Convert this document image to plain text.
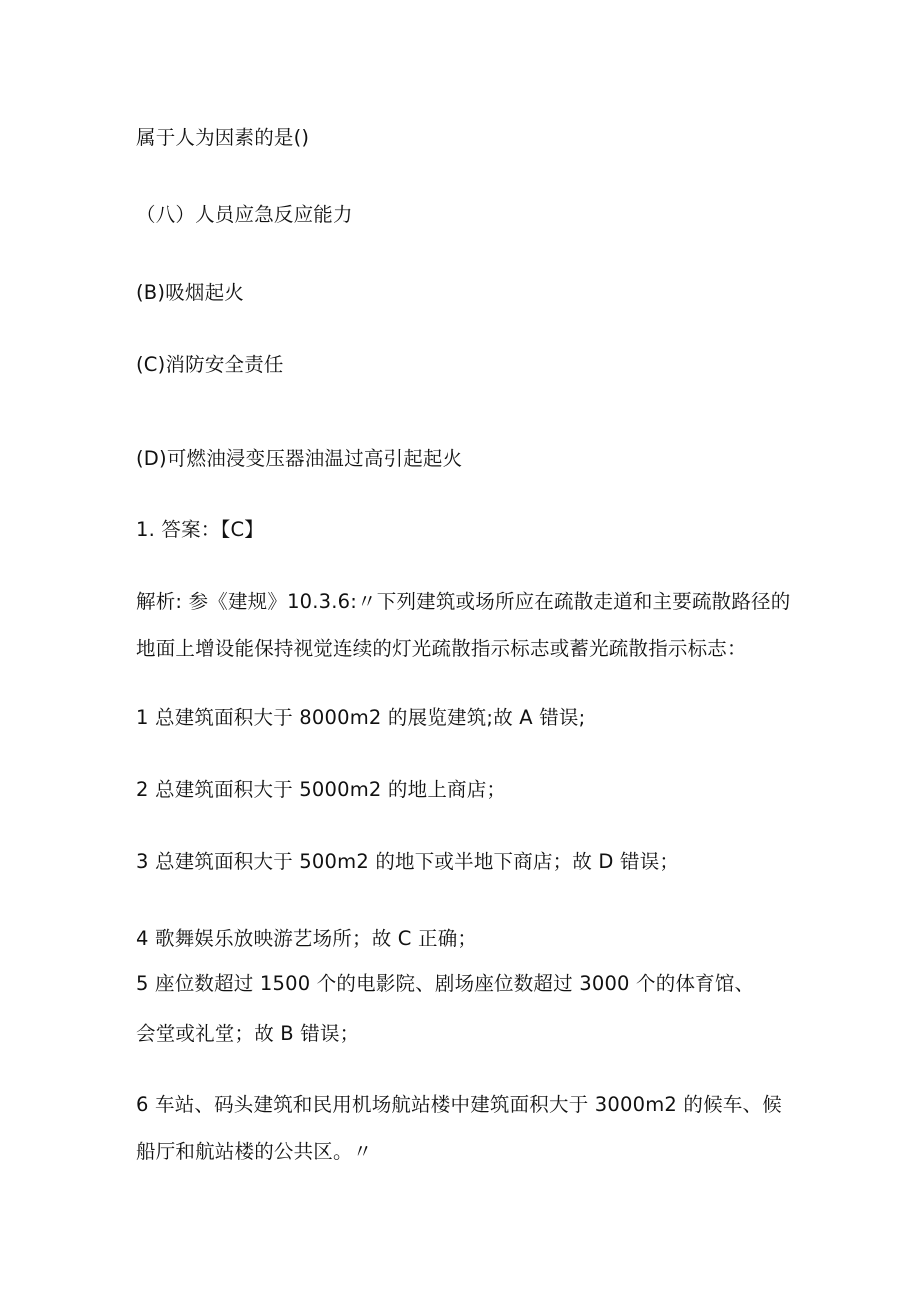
属于人为因素的是()
（八）人员应急反应能力
(B)吸烟起火
(C)消防安全责任
(D)可燃油浸变压器油温过高引起起火
1. 答案：【C】
解析: 参《建规》10.3.6:〃下列建筑或场所应在疏散走道和主要疏散路径的
地面上增设能保持视觉连续的灯光疏散指示标志或蓄光疏散指示标志：
1 总建筑面积大于 8000m2 的展览建筑;故 A 错误;
2 总建筑面积大于 5000m2 的地上商店；
3 总建筑面积大于 500m2 的地下或半地下商店；故 D 错误；
4 歌舞娱乐放映游艺场所；故 C 正确；
5 座位数超过 1500 个的电影院、剧场座位数超过 3000 个的体育馆、
会堂或礼堂；故 B 错误；
6 车站、码头建筑和民用机场航站楼中建筑面积大于 3000m2 的候车、候
船厅和航站楼的公共区。〃
